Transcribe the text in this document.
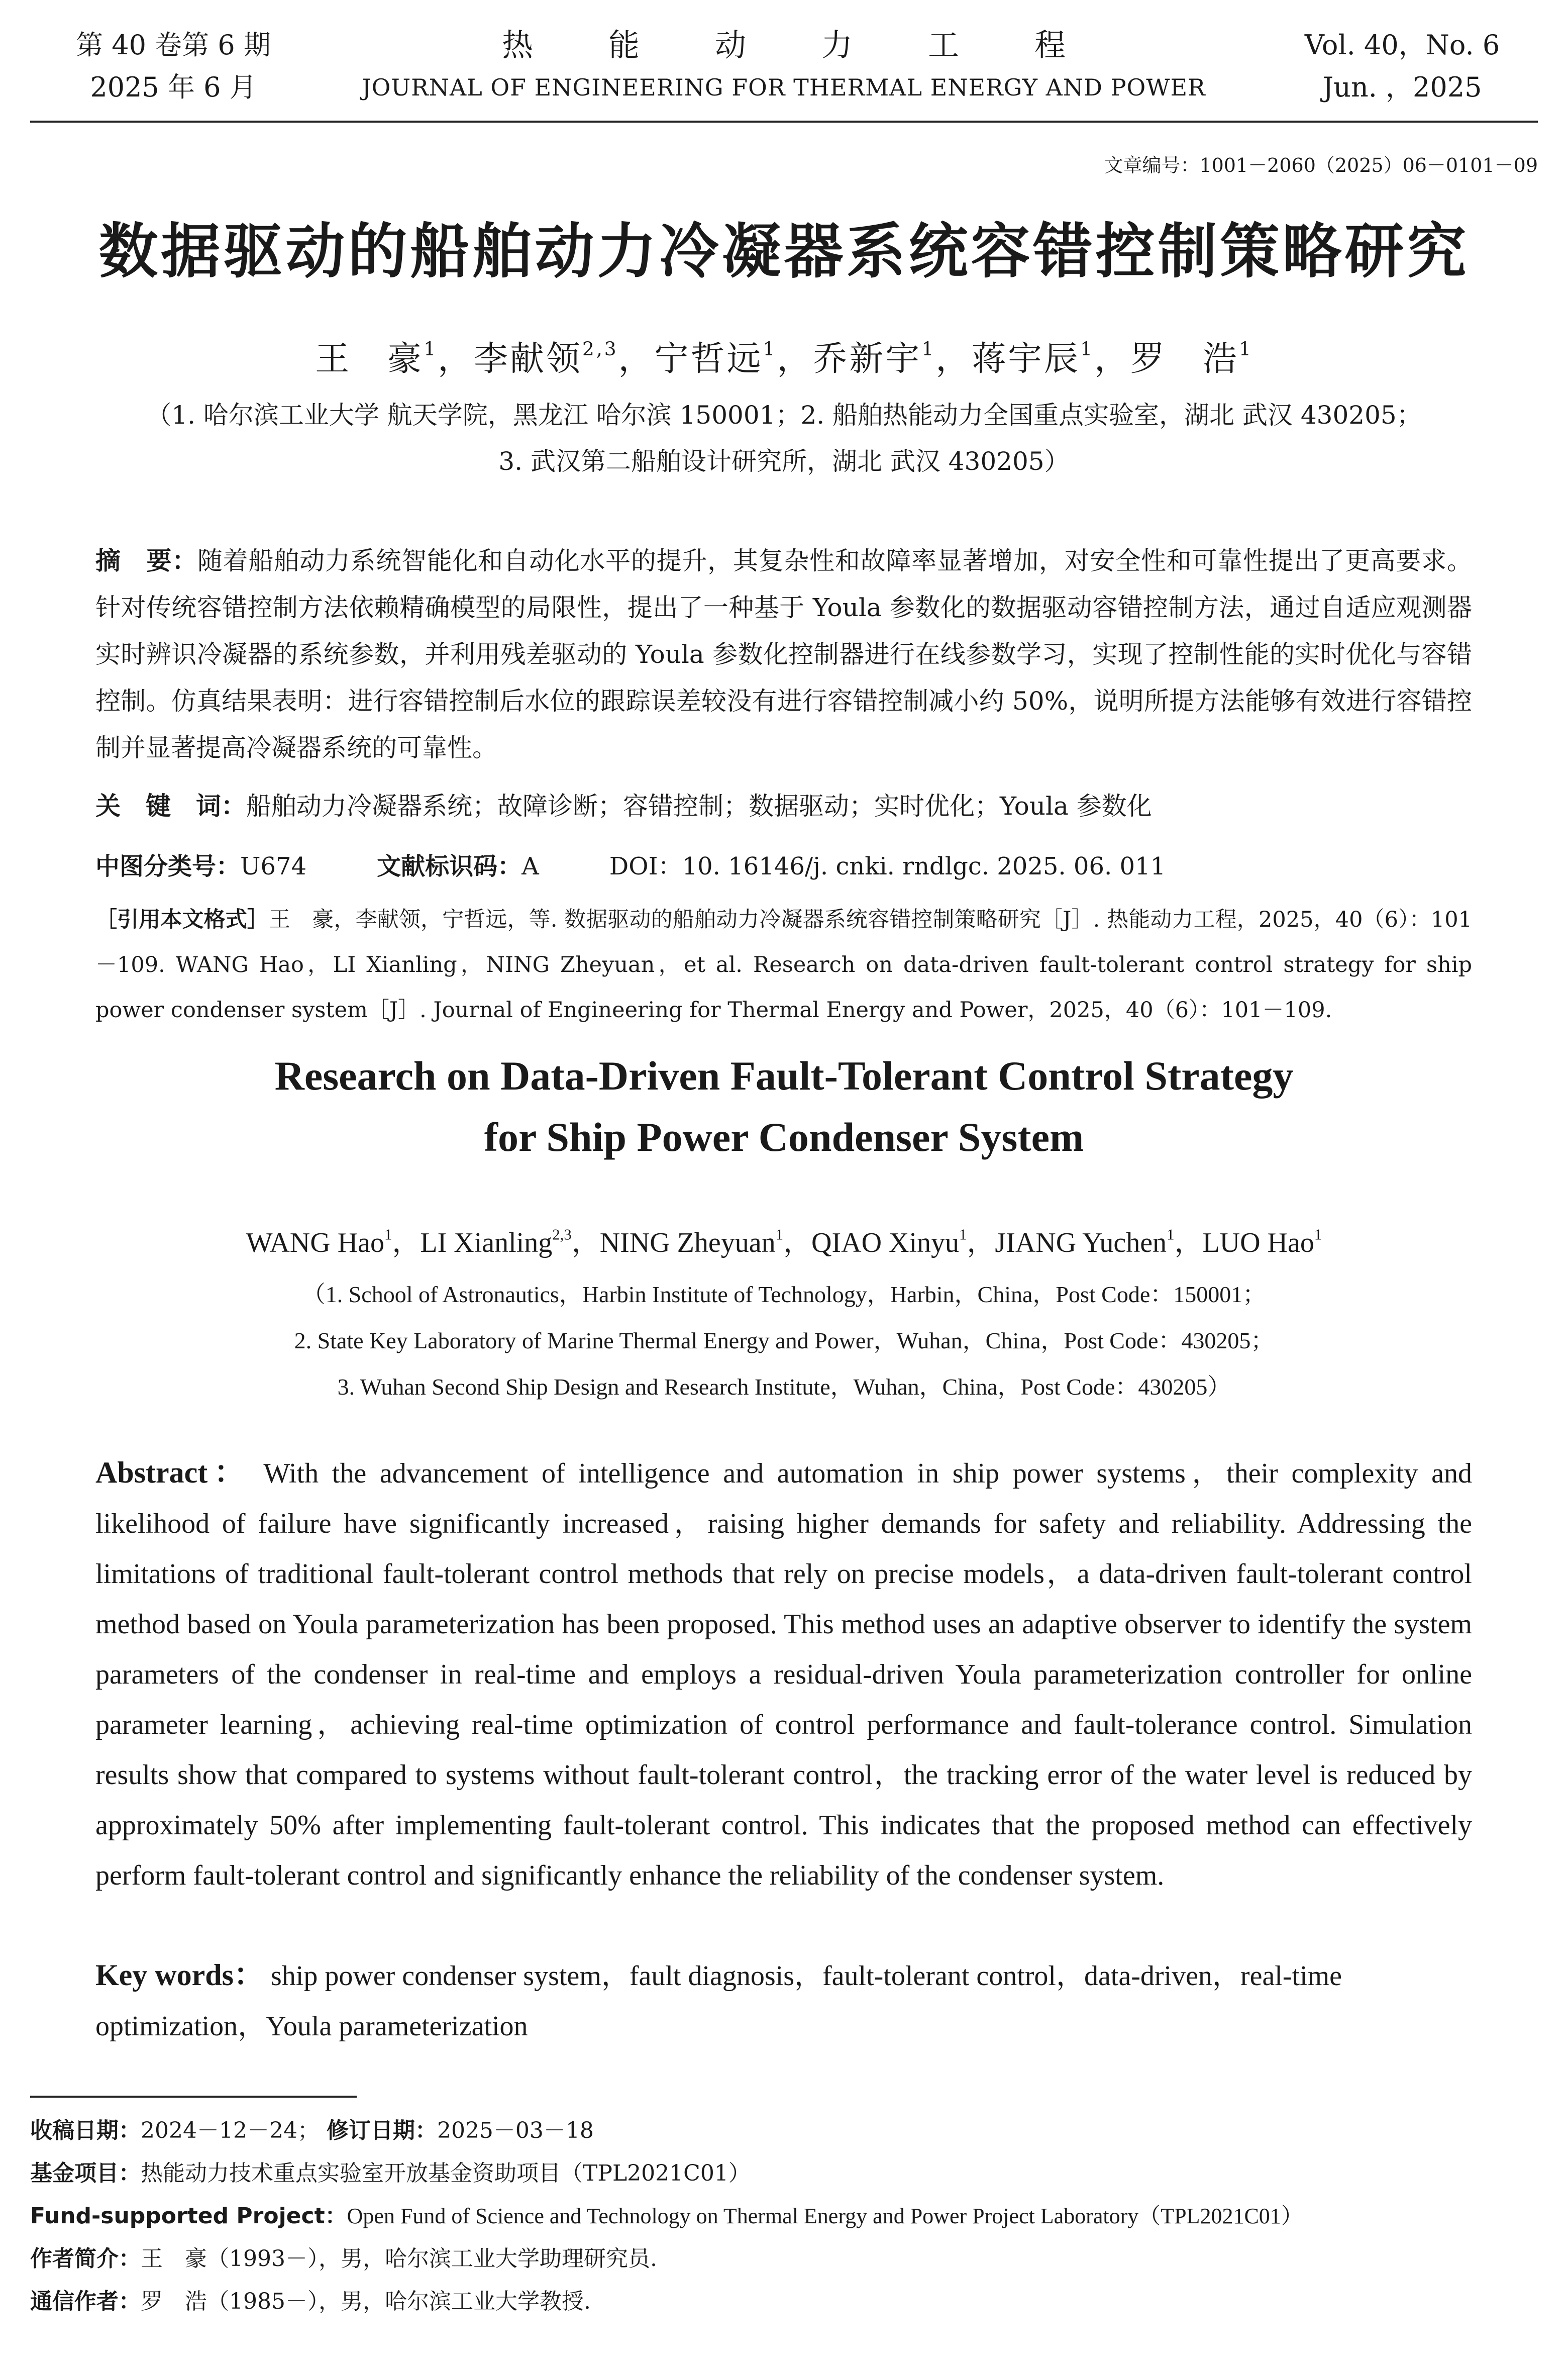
第 40 卷第 6 期
2025 年 6 月
热能动力工程
JOURNAL OF ENGINEERING FOR THERMAL ENERGY AND POWER
Vol. 40，No. 6
Jun. ，2025
文章编号：1001－2060（2025）06－0101－09
数据驱动的船舶动力冷凝器系统容错控制策略研究
王　豪$^1$，李献领$^{2,3}$，宁哲远$^1$，乔新宇$^1$，蒋宇辰$^1$，罗　浩$^1$
（1. 哈尔滨工业大学 航天学院，黑龙江 哈尔滨 150001；2. 船舶热能动力全国重点实验室，湖北 武汉 430205；
3. 武汉第二船舶设计研究所，湖北 武汉 430205）
摘　要：随着船舶动力系统智能化和自动化水平的提升，其复杂性和故障率显著增加，对安全性和可靠性提出了更高要求。针对传统容错控制方法依赖精确模型的局限性，提出了一种基于 Youla 参数化的数据驱动容错控制方法，通过自适应观测器实时辨识冷凝器的系统参数，并利用残差驱动的 Youla 参数化控制器进行在线参数学习，实现了控制性能的实时优化与容错控制。仿真结果表明：进行容错控制后水位的跟踪误差较没有进行容错控制减小约 50%，说明所提方法能够有效进行容错控制并显著提高冷凝器系统的可靠性。
关　键　词：船舶动力冷凝器系统；故障诊断；容错控制；数据驱动；实时优化；Youla 参数化
中图分类号：U674	文献标识码：A	DOI：10. 16146/j. cnki. rndlgc. 2025. 06. 011
［引用本文格式］王　豪，李献领，宁哲远，等. 数据驱动的船舶动力冷凝器系统容错控制策略研究［J］. 热能动力工程，2025，40（6）：101－109. WANG Hao，LI Xianling，NING Zheyuan，et al. Research on data-driven fault-tolerant control strategy for ship power condenser system［J］. Journal of Engineering for Thermal Energy and Power，2025，40（6）：101－109.
Research on Data-Driven Fault-Tolerant Control Strategy
for Ship Power Condenser System
WANG Hao$^1$，LI Xianling$^{2,3}$，NING Zheyuan$^1$，QIAO Xinyu$^1$，JIANG Yuchen$^1$，LUO Hao$^1$
（1. School of Astronautics，Harbin Institute of Technology，Harbin，China，Post Code：150001；
2. State Key Laboratory of Marine Thermal Energy and Power，Wuhan，China，Post Code：430205；
3. Wuhan Second Ship Design and Research Institute，Wuhan，China，Post Code：430205）
Abstract： With the advancement of intelligence and automation in ship power systems，their complexity and likelihood of failure have significantly increased，raising higher demands for safety and reliability. Addressing the limitations of traditional fault-tolerant control methods that rely on precise models，a data-driven fault-tolerant control method based on Youla parameterization has been proposed. This method uses an adaptive observer to identify the system parameters of the condenser in real-time and employs a residual-driven Youla parameterization controller for online parameter learning，achieving real-time optimization of control performance and fault-tolerance control. Simulation results show that compared to systems without fault-tolerant control，the tracking error of the water level is reduced by approximately 50% after implementing fault-tolerant control. This indicates that the proposed method can effectively perform fault-tolerant control and significantly enhance the reliability of the condenser system.
Key words： ship power condenser system，fault diagnosis，fault-tolerant control，data-driven，real-time optimization，Youla parameterization
收稿日期：2024－12－24； 修订日期：2025－03－18
基金项目：热能动力技术重点实验室开放基金资助项目（TPL2021C01）
Fund-supported Project：Open Fund of Science and Technology on Thermal Energy and Power Project Laboratory（TPL2021C01）
作者简介：王　豪（1993－），男，哈尔滨工业大学助理研究员.
通信作者：罗　浩（1985－），男，哈尔滨工业大学教授.
